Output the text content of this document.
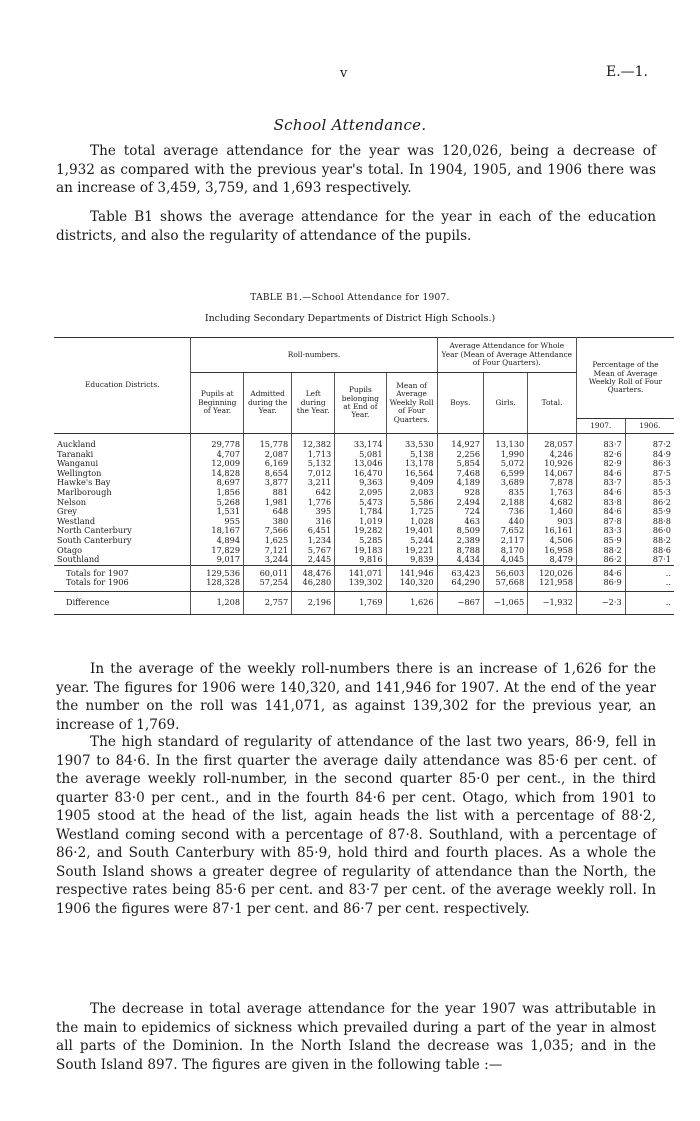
v	E.—1.
School Attendance.

The total average attendance for the year was 120,026, being a decrease of 1,932 as compared with the previous year's total. In 1904, 1905, and 1906 there was an increase of 3,459, 3,759, and 1,693 respectively.

Table B1 shows the average attendance for the year in each of the education districts, and also the regularity of attendance of the pupils.

TABLE B1.—School Attendance for 1907.
Including Secondary Departments of District High Schools.)
Education Districts.	Roll-numbers.					Average Attendance for Whole Year (Mean of Average Attendance of Four Quarters).			Percentage of the Mean of Average Weekly Roll of Four Quarters.	
	Pupils at Beginning of Year.	Admitted during the Year.	Left during the Year.	Pupils belonging at End of Year.	Mean of Average Weekly Roll of Four Quarters.	Boys.	Girls.	Total.		
									1907.	1906.

Auckland	29,778	15,778	12,382	33,174	33,530	14,927	13,130	28,057	83·7	87·2
Taranaki	4,707	2,087	1,713	5,081	5,138	2,256	1,990	4,246	82·6	84·9
Wanganui	12,009	6,169	5,132	13,046	13,178	5,854	5,072	10,926	82·9	86·3
Wellington	14,828	8,654	7,012	16,470	16,564	7,468	6,599	14,067	84·6	87·5
Hawke's Bay	8,697	3,877	3,211	9,363	9,409	4,189	3,689	7,878	83·7	85·3
Marlborough	1,856	881	642	2,095	2,083	928	835	1,763	84·6	85·3
Nelson	5,268	1,981	1,776	5,473	5,586	2,494	2,188	4,682	83·8	86·2
Grey	1,531	648	395	1,784	1,725	724	736	1,460	84·6	85·9
Westland	955	380	316	1,019	1,028	463	440	903	87·8	88·8
North Canterbury	18,167	7,566	6,451	19,282	19,401	8,509	7,652	16,161	83·3	86·0
South Canterbury	4,894	1,625	1,234	5,285	5,244	2,389	2,117	4,506	85·9	88·2
Otago	17,829	7,121	5,767	19,183	19,221	8,788	8,170	16,958	88·2	88·6
Southland	9,017	3,244	2,445	9,816	9,839	4,434	4,045	8,479	86·2	87·1
Totals for 1907	129,536	60,011	48,476	141,071	141,946	63,423	56,603	120,026	84·6	..
Totals for 1906	128,328	57,254	46,280	139,302	140,320	64,290	57,668	121,958	86·9	..
Difference	1,208	2,757	2,196	1,769	1,626	−867	−1,065	−1,932	−2·3	..

In the average of the weekly roll-numbers there is an increase of 1,626 for the year. The figures for 1906 were 140,320, and 141,946 for 1907. At the end of the year the number on the roll was 141,071, as against 139,302 for the previous year, an increase of 1,769.

The high standard of regularity of attendance of the last two years, 86·9, fell in 1907 to 84·6. In the first quarter the average daily attendance was 85·6 per cent. of the average weekly roll-number, in the second quarter 85·0 per cent., in the third quarter 83·0 per cent., and in the fourth 84·6 per cent. Otago, which from 1901 to 1905 stood at the head of the list, again heads the list with a percentage of 88·2, Westland coming second with a percentage of 87·8. Southland, with a percentage of 86·2, and South Canterbury with 85·9, hold third and fourth places. As a whole the South Island shows a greater degree of regularity of attendance than the North, the respective rates being 85·6 per cent. and 83·7 per cent. of the average weekly roll. In 1906 the figures were 87·1 per cent. and 86·7 per cent. respectively.

The decrease in total average attendance for the year 1907 was attributable in the main to epidemics of sickness which prevailed during a part of the year in almost all parts of the Dominion. In the North Island the decrease was 1,035; and in the South Island 897. The figures are given in the following table :—
